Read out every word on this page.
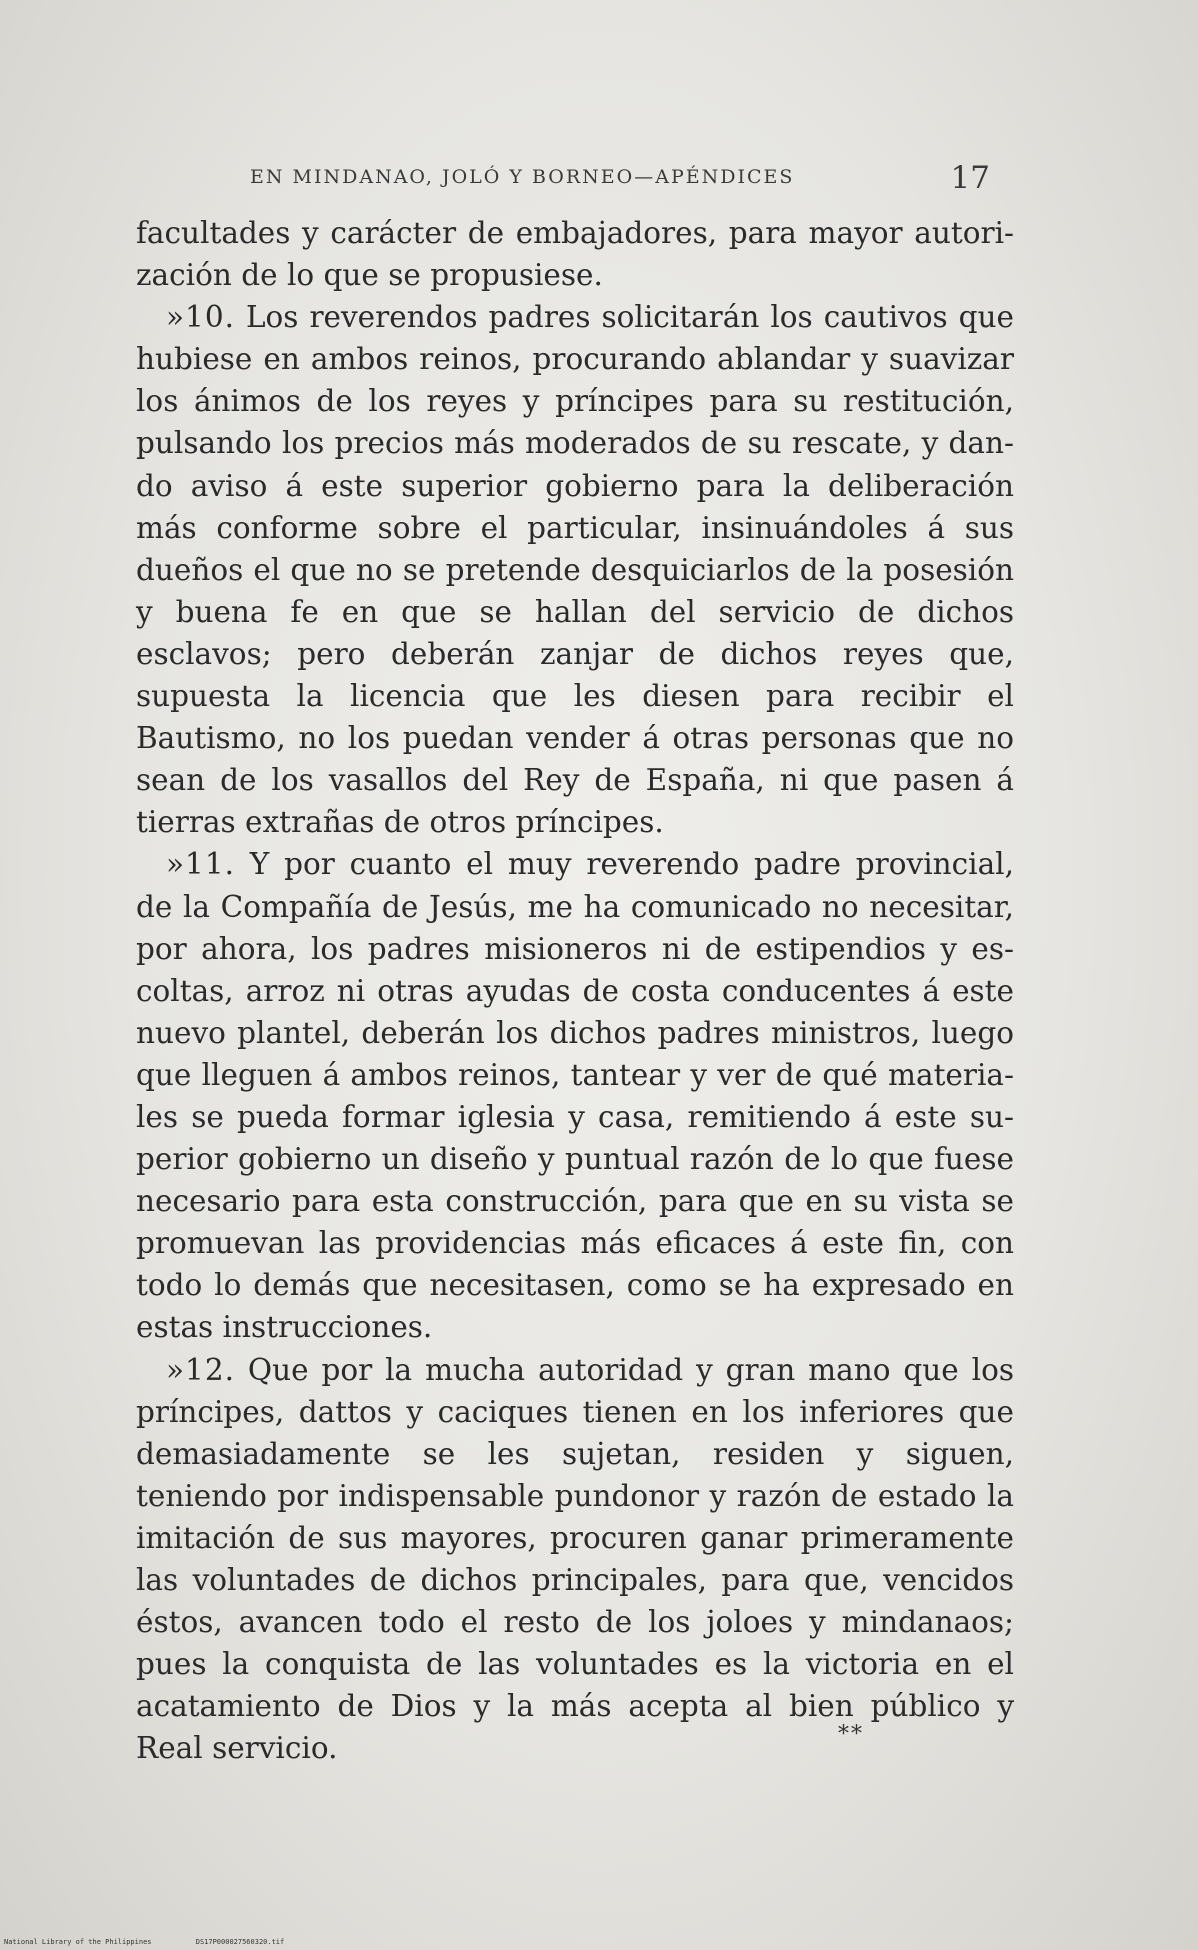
EN MINDANAO, JOLÓ Y BORNEO—APÉNDICES	17

facultades y carácter de embajadores, para mayor autorización de lo que se propusiese.

»10. Los reverendos padres solicitarán los cautivos que hubiese en ambos reinos, procurando ablandar y suavizar los ánimos de los reyes y príncipes para su restitución, pulsando los precios más moderados de su rescate, y dando aviso á este superior gobierno para la deliberación más conforme sobre el particular, insinuándoles á sus dueños el que no se pretende desquiciarlos de la posesión y buena fe en que se hallan del servicio de dichos esclavos; pero deberán zanjar de dichos reyes que, supuesta la licencia que les diesen para recibir el Bautismo, no los puedan vender á otras personas que no sean de los vasallos del Rey de España, ni que pasen á tierras extrañas de otros príncipes.

»11. Y por cuanto el muy reverendo padre provincial, de la Compañía de Jesús, me ha comunicado no necesitar, por ahora, los padres misioneros ni de estipendios y escoltas, arroz ni otras ayudas de costa conducentes á este nuevo plantel, deberán los dichos padres ministros, luego que lleguen á ambos reinos, tantear y ver de qué materiales se pueda formar iglesia y casa, remitiendo á este superior gobierno un diseño y puntual razón de lo que fuese necesario para esta construcción, para que en su vista se promuevan las providencias más eficaces á este fin, con todo lo demás que necesitasen, como se ha expresado en estas instrucciones.

»12. Que por la mucha autoridad y gran mano que los príncipes, dattos y caciques tienen en los inferiores que demasiadamente se les sujetan, residen y siguen, teniendo por indispensable pundonor y razón de estado la imitación de sus mayores, procuren ganar primeramente las voluntades de dichos principales, para que, vencidos éstos, avancen todo el resto de los joloes y mindanaos; pues la conquista de las voluntades es la victoria en el acatamiento de Dios y la más acepta al bien público y Real servicio.	**
National Library of the Philippines	DS17P000027560320.tif
